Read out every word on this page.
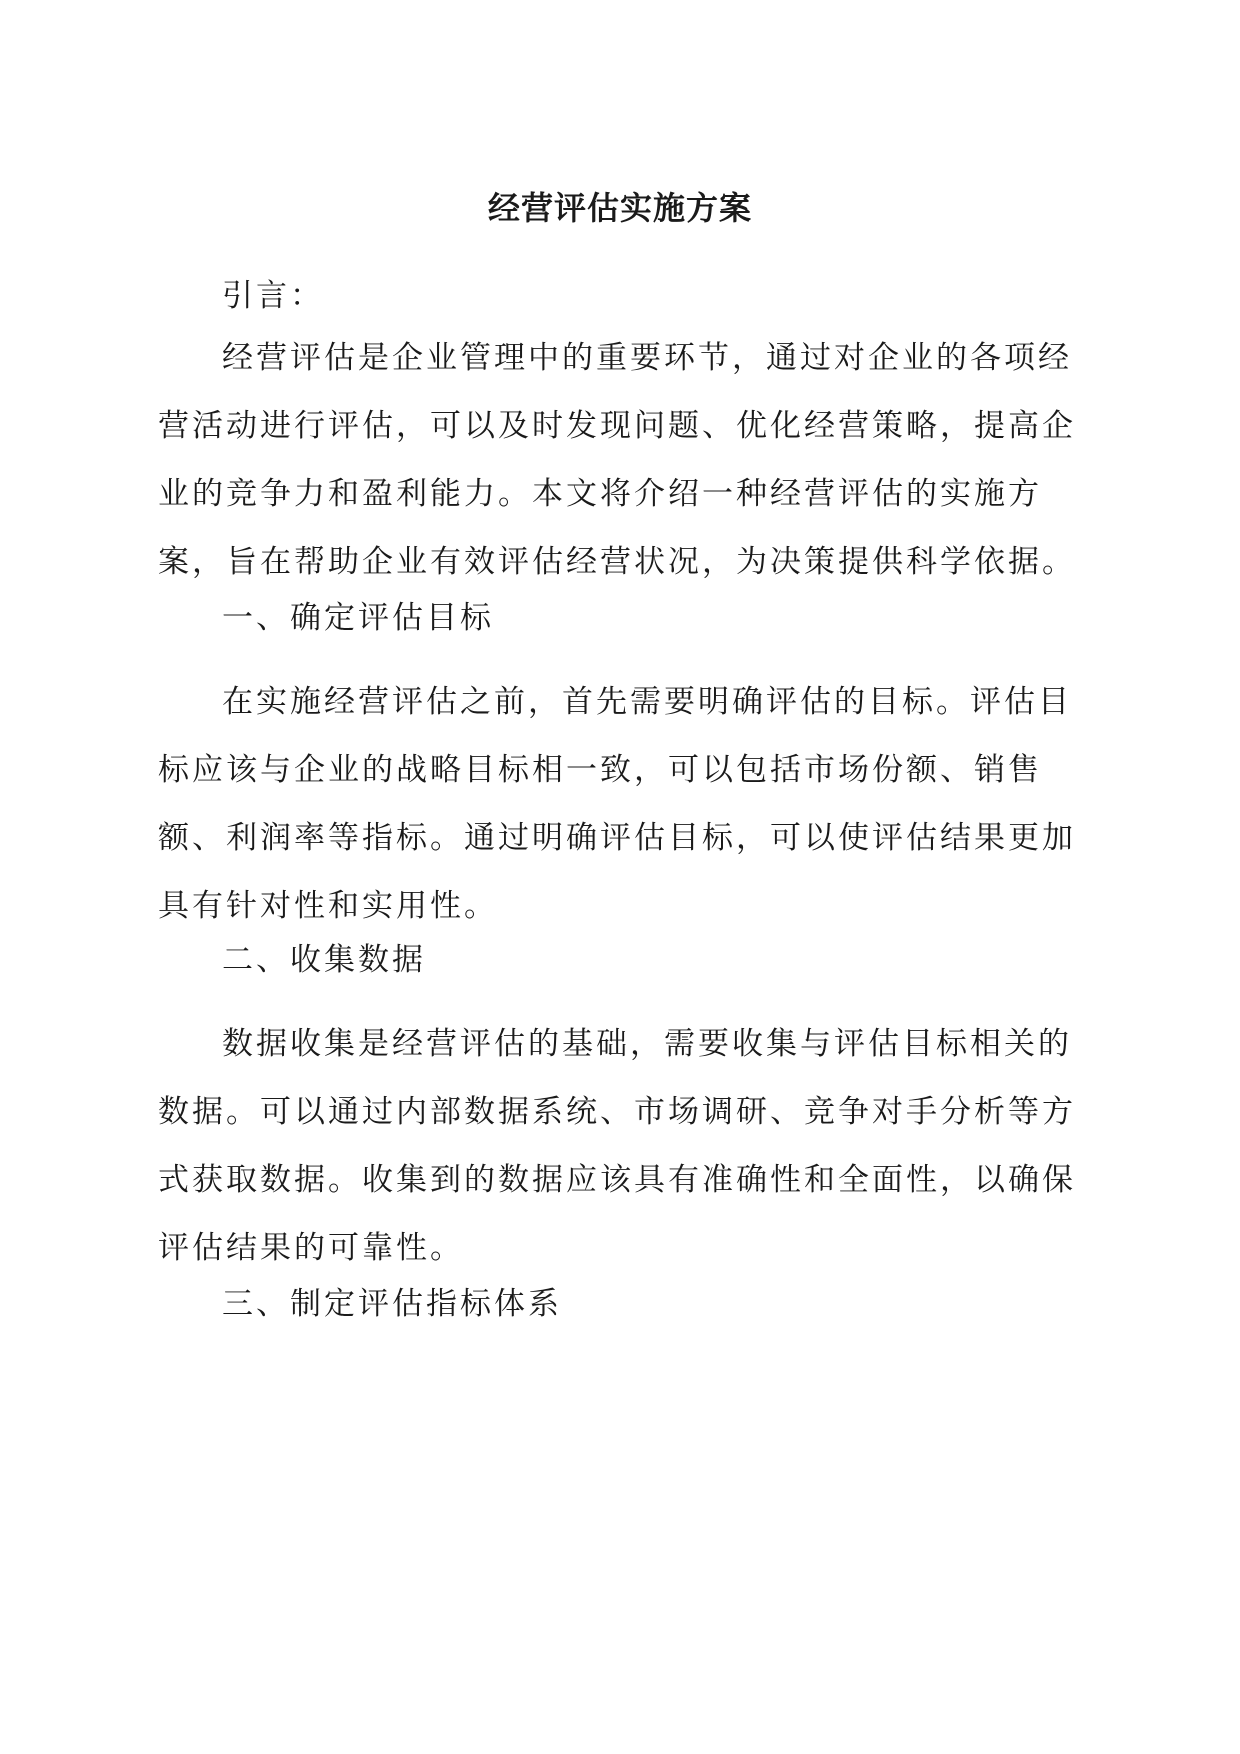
经营评估实施方案

引言：

经营评估是企业管理中的重要环节，通过对企业的各项经营活动进行评估，可以及时发现问题、优化经营策略，提高企业的竞争力和盈利能力。本文将介绍一种经营评估的实施方案，旨在帮助企业有效评估经营状况，为决策提供科学依据。

一、确定评估目标

在实施经营评估之前，首先需要明确评估的目标。评估目标应该与企业的战略目标相一致，可以包括市场份额、销售额、利润率等指标。通过明确评估目标，可以使评估结果更加具有针对性和实用性。

二、收集数据

数据收集是经营评估的基础，需要收集与评估目标相关的数据。可以通过内部数据系统、市场调研、竞争对手分析等方式获取数据。收集到的数据应该具有准确性和全面性，以确保评估结果的可靠性。

三、制定评估指标体系
